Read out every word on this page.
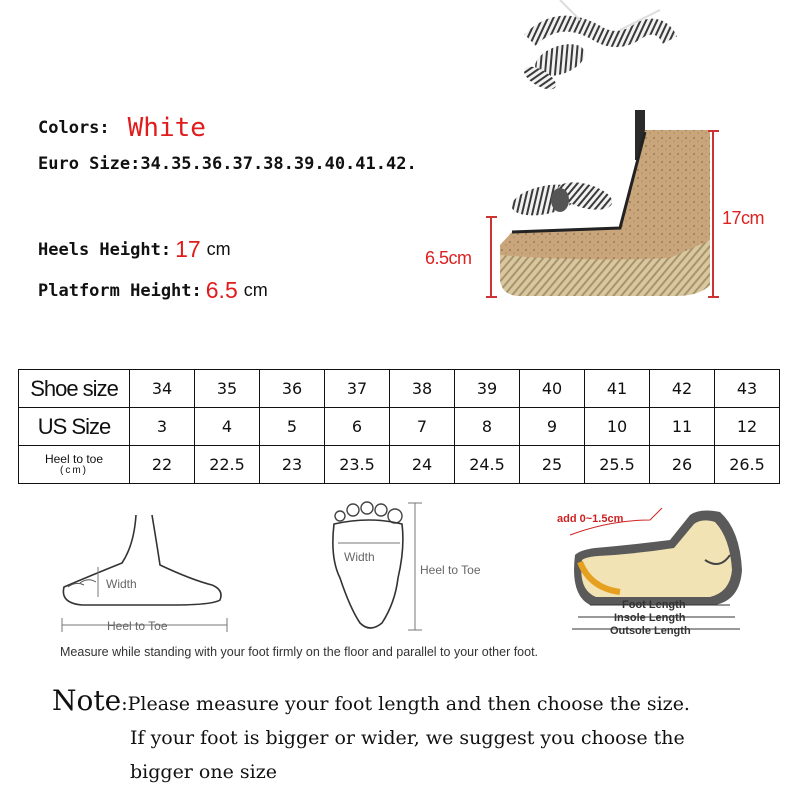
Colors: White
Euro Size:34.35.36.37.38.39.40.41.42.
Heels Height: 17 cm
Platform Height: 6.5 cm
6.5cm
17cm
Shoe size	34	35	36	37	38	39	40	41	42	43
US Size	3	4	5	6	7	8	9	10	11	12
Heel to toe
(cm)	22	22.5	23	23.5	24	24.5	25	25.5	26	26.5
Width
Heel to Toe
Width
Heel to Toe
add 0~1.5cm
Foot Length
Insole Length
Outsole Length
Measure while standing with your foot firmly on the floor and parallel to your other foot.
Note:Please measure your foot length and then choose the size.
If your foot is bigger or wider, we suggest you choose the
bigger one size
